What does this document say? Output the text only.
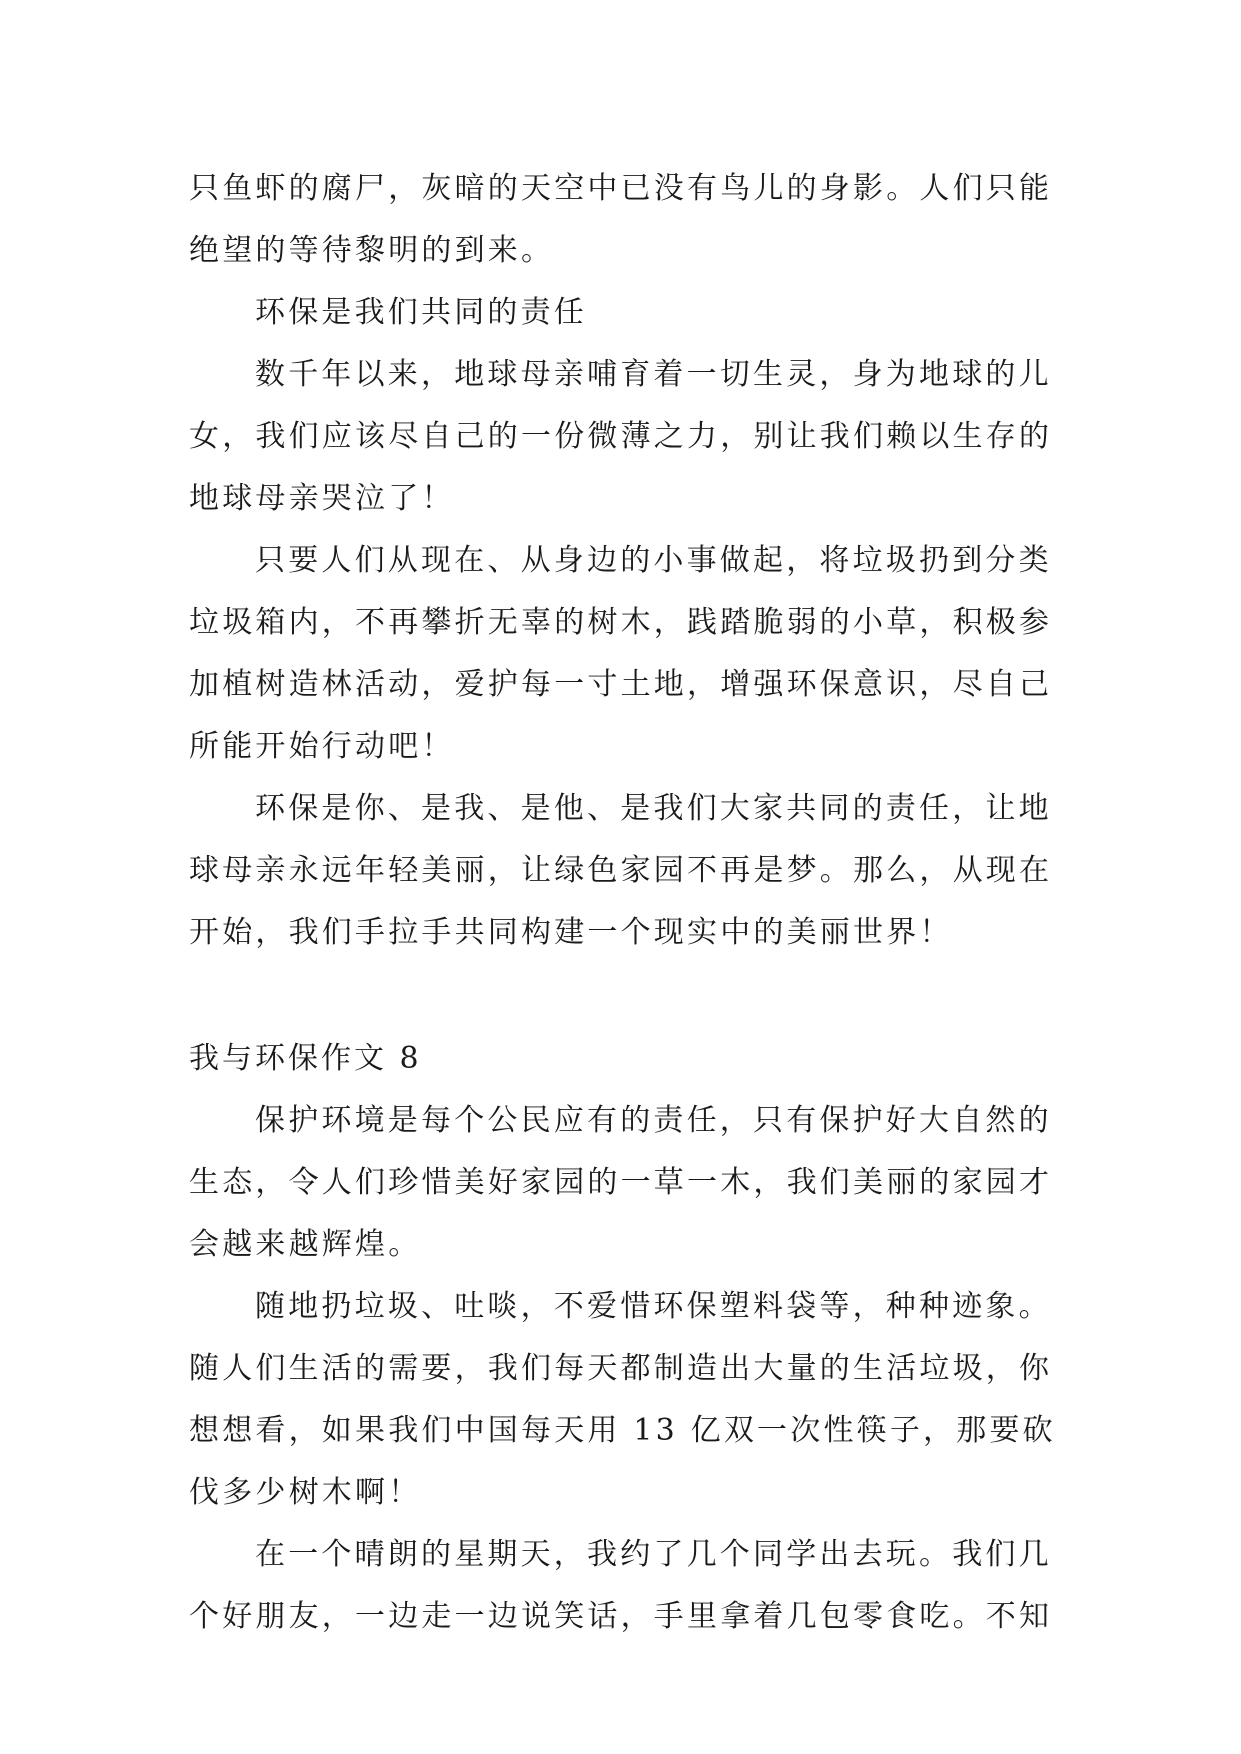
只鱼虾的腐尸，灰暗的天空中已没有鸟儿的身影。人们只能
绝望的等待黎明的到来。
环保是我们共同的责任
数千年以来，地球母亲哺育着一切生灵，身为地球的儿
女，我们应该尽自己的一份微薄之力，别让我们赖以生存的
地球母亲哭泣了！
只要人们从现在、从身边的小事做起，将垃圾扔到分类
垃圾箱内，不再攀折无辜的树木，践踏脆弱的小草，积极参
加植树造林活动，爱护每一寸土地，增强环保意识，尽自己
所能开始行动吧！
环保是你、是我、是他、是我们大家共同的责任，让地
球母亲永远年轻美丽，让绿色家园不再是梦。那么，从现在
开始，我们手拉手共同构建一个现实中的美丽世界！
我与环保作文 8
保护环境是每个公民应有的责任，只有保护好大自然的
生态，令人们珍惜美好家园的一草一木，我们美丽的家园才
会越来越辉煌。
随地扔垃圾、吐啖，不爱惜环保塑料袋等，种种迹象。
随人们生活的需要，我们每天都制造出大量的生活垃圾，你
想想看，如果我们中国每天用 13 亿双一次性筷子，那要砍
伐多少树木啊！
在一个晴朗的星期天，我约了几个同学出去玩。我们几
个好朋友，一边走一边说笑话，手里拿着几包零食吃。不知
